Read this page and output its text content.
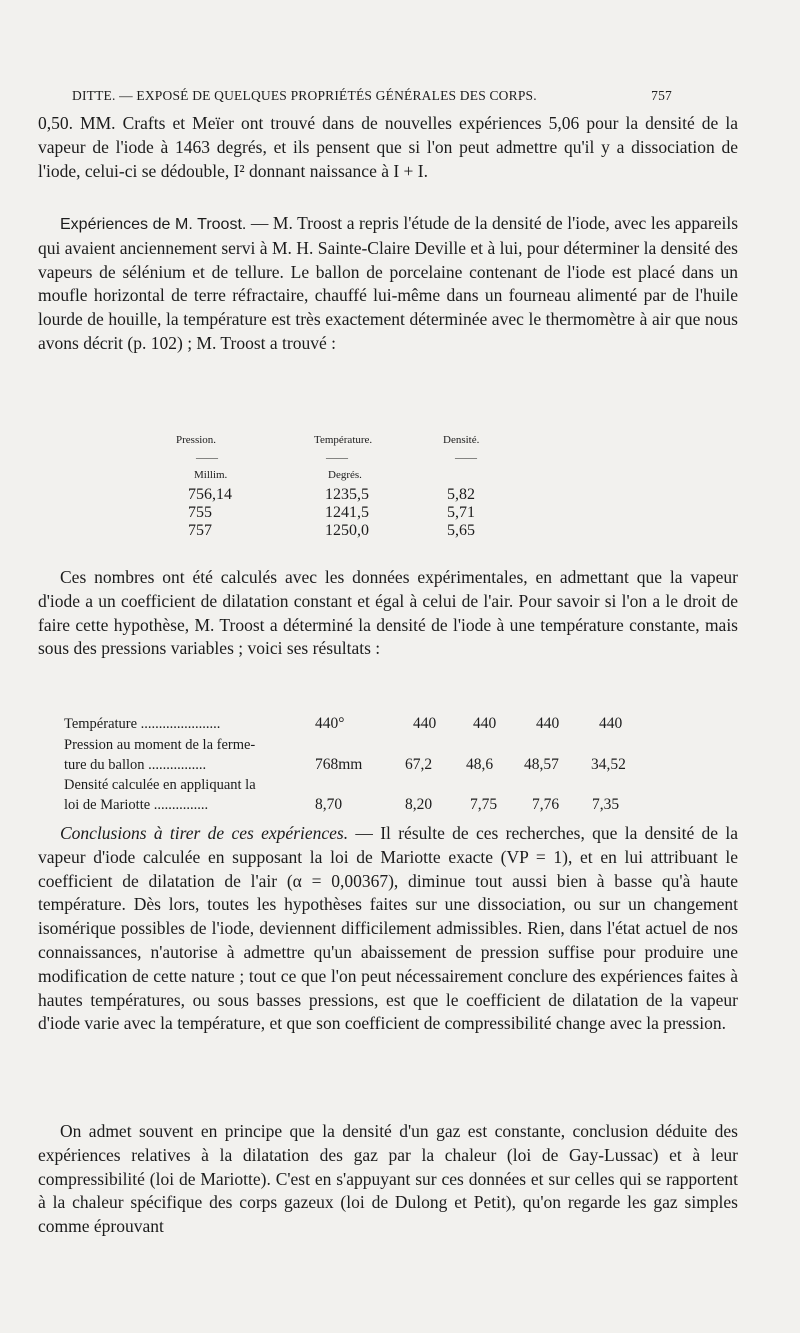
DITTE. — EXPOSÉ DE QUELQUES PROPRIÉTÉS GÉNÉRALES DES CORPS.	757

0,50. MM. Crafts et Meïer ont trouvé dans de nouvelles expériences 5,06 pour la densité de la vapeur de l'iode à 1463 degrés, et ils pensent que si l'on peut admettre qu'il y a dissociation de l'iode, celui-ci se dédouble, I² donnant naissance à I + I.

Expériences de M. Troost. — M. Troost a repris l'étude de la densité de l'iode, avec les appareils qui avaient anciennement servi à M. H. Sainte-Claire Deville et à lui, pour déterminer la densité des vapeurs de sélénium et de tellure. Le ballon de porcelaine contenant de l'iode est placé dans un moufle horizontal de terre réfractaire, chauffé lui-même dans un fourneau alimenté par de l'huile lourde de houille, la température est très exactement déterminée avec le thermomètre à air que nous avons décrit (p. 102) ; M. Troost a trouvé :

Pression.	Température.	Densité.
——	——	——
Millim.	Degrés.
756,14	1235,5	5,82
755	1241,5	5,71
757	1250,0	5,65

Ces nombres ont été calculés avec les données expérimentales, en admettant que la vapeur d'iode a un coefficient de dilatation constant et égal à celui de l'air. Pour savoir si l'on a le droit de faire cette hypothèse, M. Troost a déterminé la densité de l'iode à une température constante, mais sous des pressions variables ; voici ses résultats :

Température ......................	440°	440 440	440	440
Pression au moment de la ferme-
ture du ballon ................	768mm	67,2 48,6 48,57 34,52
Densité calculée en appliquant la
loi de Mariotte ...............	8,70	8,20 7,75 7,76 7,35

Conclusions à tirer de ces expériences. — Il résulte de ces recherches, que la densité de la vapeur d'iode calculée en supposant la loi de Mariotte exacte (VP = 1), et en lui attribuant le coefficient de dilatation de l'air (α = 0,00367), diminue tout aussi bien à basse qu'à haute température. Dès lors, toutes les hypothèses faites sur une dissociation, ou sur un changement isomérique possibles de l'iode, deviennent difficilement admissibles. Rien, dans l'état actuel de nos connaissances, n'autorise à admettre qu'un abaissement de pression suffise pour produire une modification de cette nature ; tout ce que l'on peut nécessairement conclure des expériences faites à hautes températures, ou sous basses pressions, est que le coefficient de dilatation de la vapeur d'iode varie avec la température, et que son coefficient de compressibilité change avec la pression.

On admet souvent en principe que la densité d'un gaz est constante, conclusion déduite des expériences relatives à la dilatation des gaz par la chaleur (loi de Gay-Lussac) et à leur compressibilité (loi de Mariotte). C'est en s'appuyant sur ces données et sur celles qui se rapportent à la chaleur spécifique des corps gazeux (loi de Dulong et Petit), qu'on regarde les gaz simples comme éprouvant
